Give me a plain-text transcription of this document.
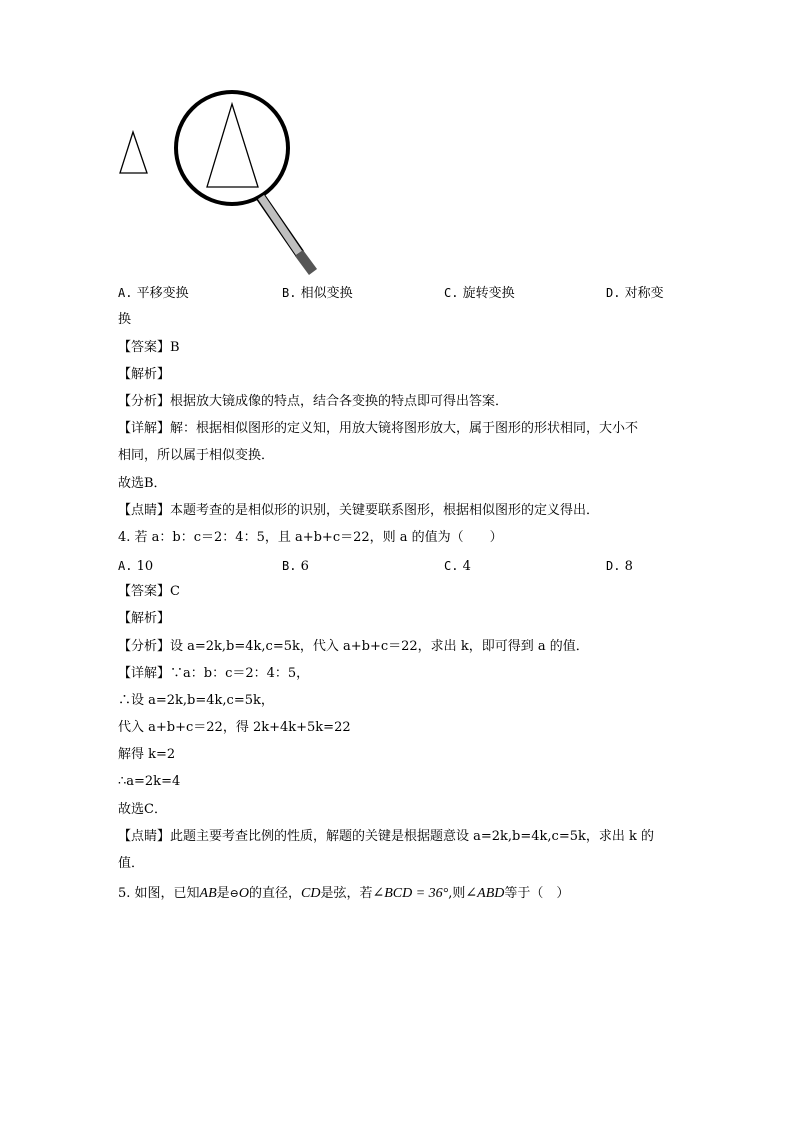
A. 平移变换	B. 相似变换	C. 旋转变换	D. 对称变
换
【答案】B
【解析】
【分析】根据放大镜成像的特点，结合各变换的特点即可得出答案．
【详解】解：根据相似图形的定义知，用放大镜将图形放大，属于图形的形状相同，大小不
相同，所以属于相似变换．
故选B．
【点睛】本题考查的是相似形的识别，关键要联系图形，根据相似图形的定义得出．
4. 若 a：b：c＝2：4：5，且 a+b+c＝22，则 a 的值为（　　）
A. 10	B. 6	C. 4	D. 8
【答案】C
【解析】
【分析】设 a=2k,b=4k,c=5k，代入 a+b+c＝22，求出 k，即可得到 a 的值．
【详解】∵a：b：c＝2：4：5，
∴设 a=2k,b=4k,c=5k，
代入 a+b+c＝22，得 2k+4k+5k=22
解得 k=2
∴a=2k=4
故选C．
【点睛】此题主要考查比例的性质，解题的关键是根据题意设 a=2k,b=4k,c=5k，求出 k 的
值．
5. 如图，已知AB是⊖O的直径，CD是弦，若∠BCD = 36°,则∠ABD等于（　）
